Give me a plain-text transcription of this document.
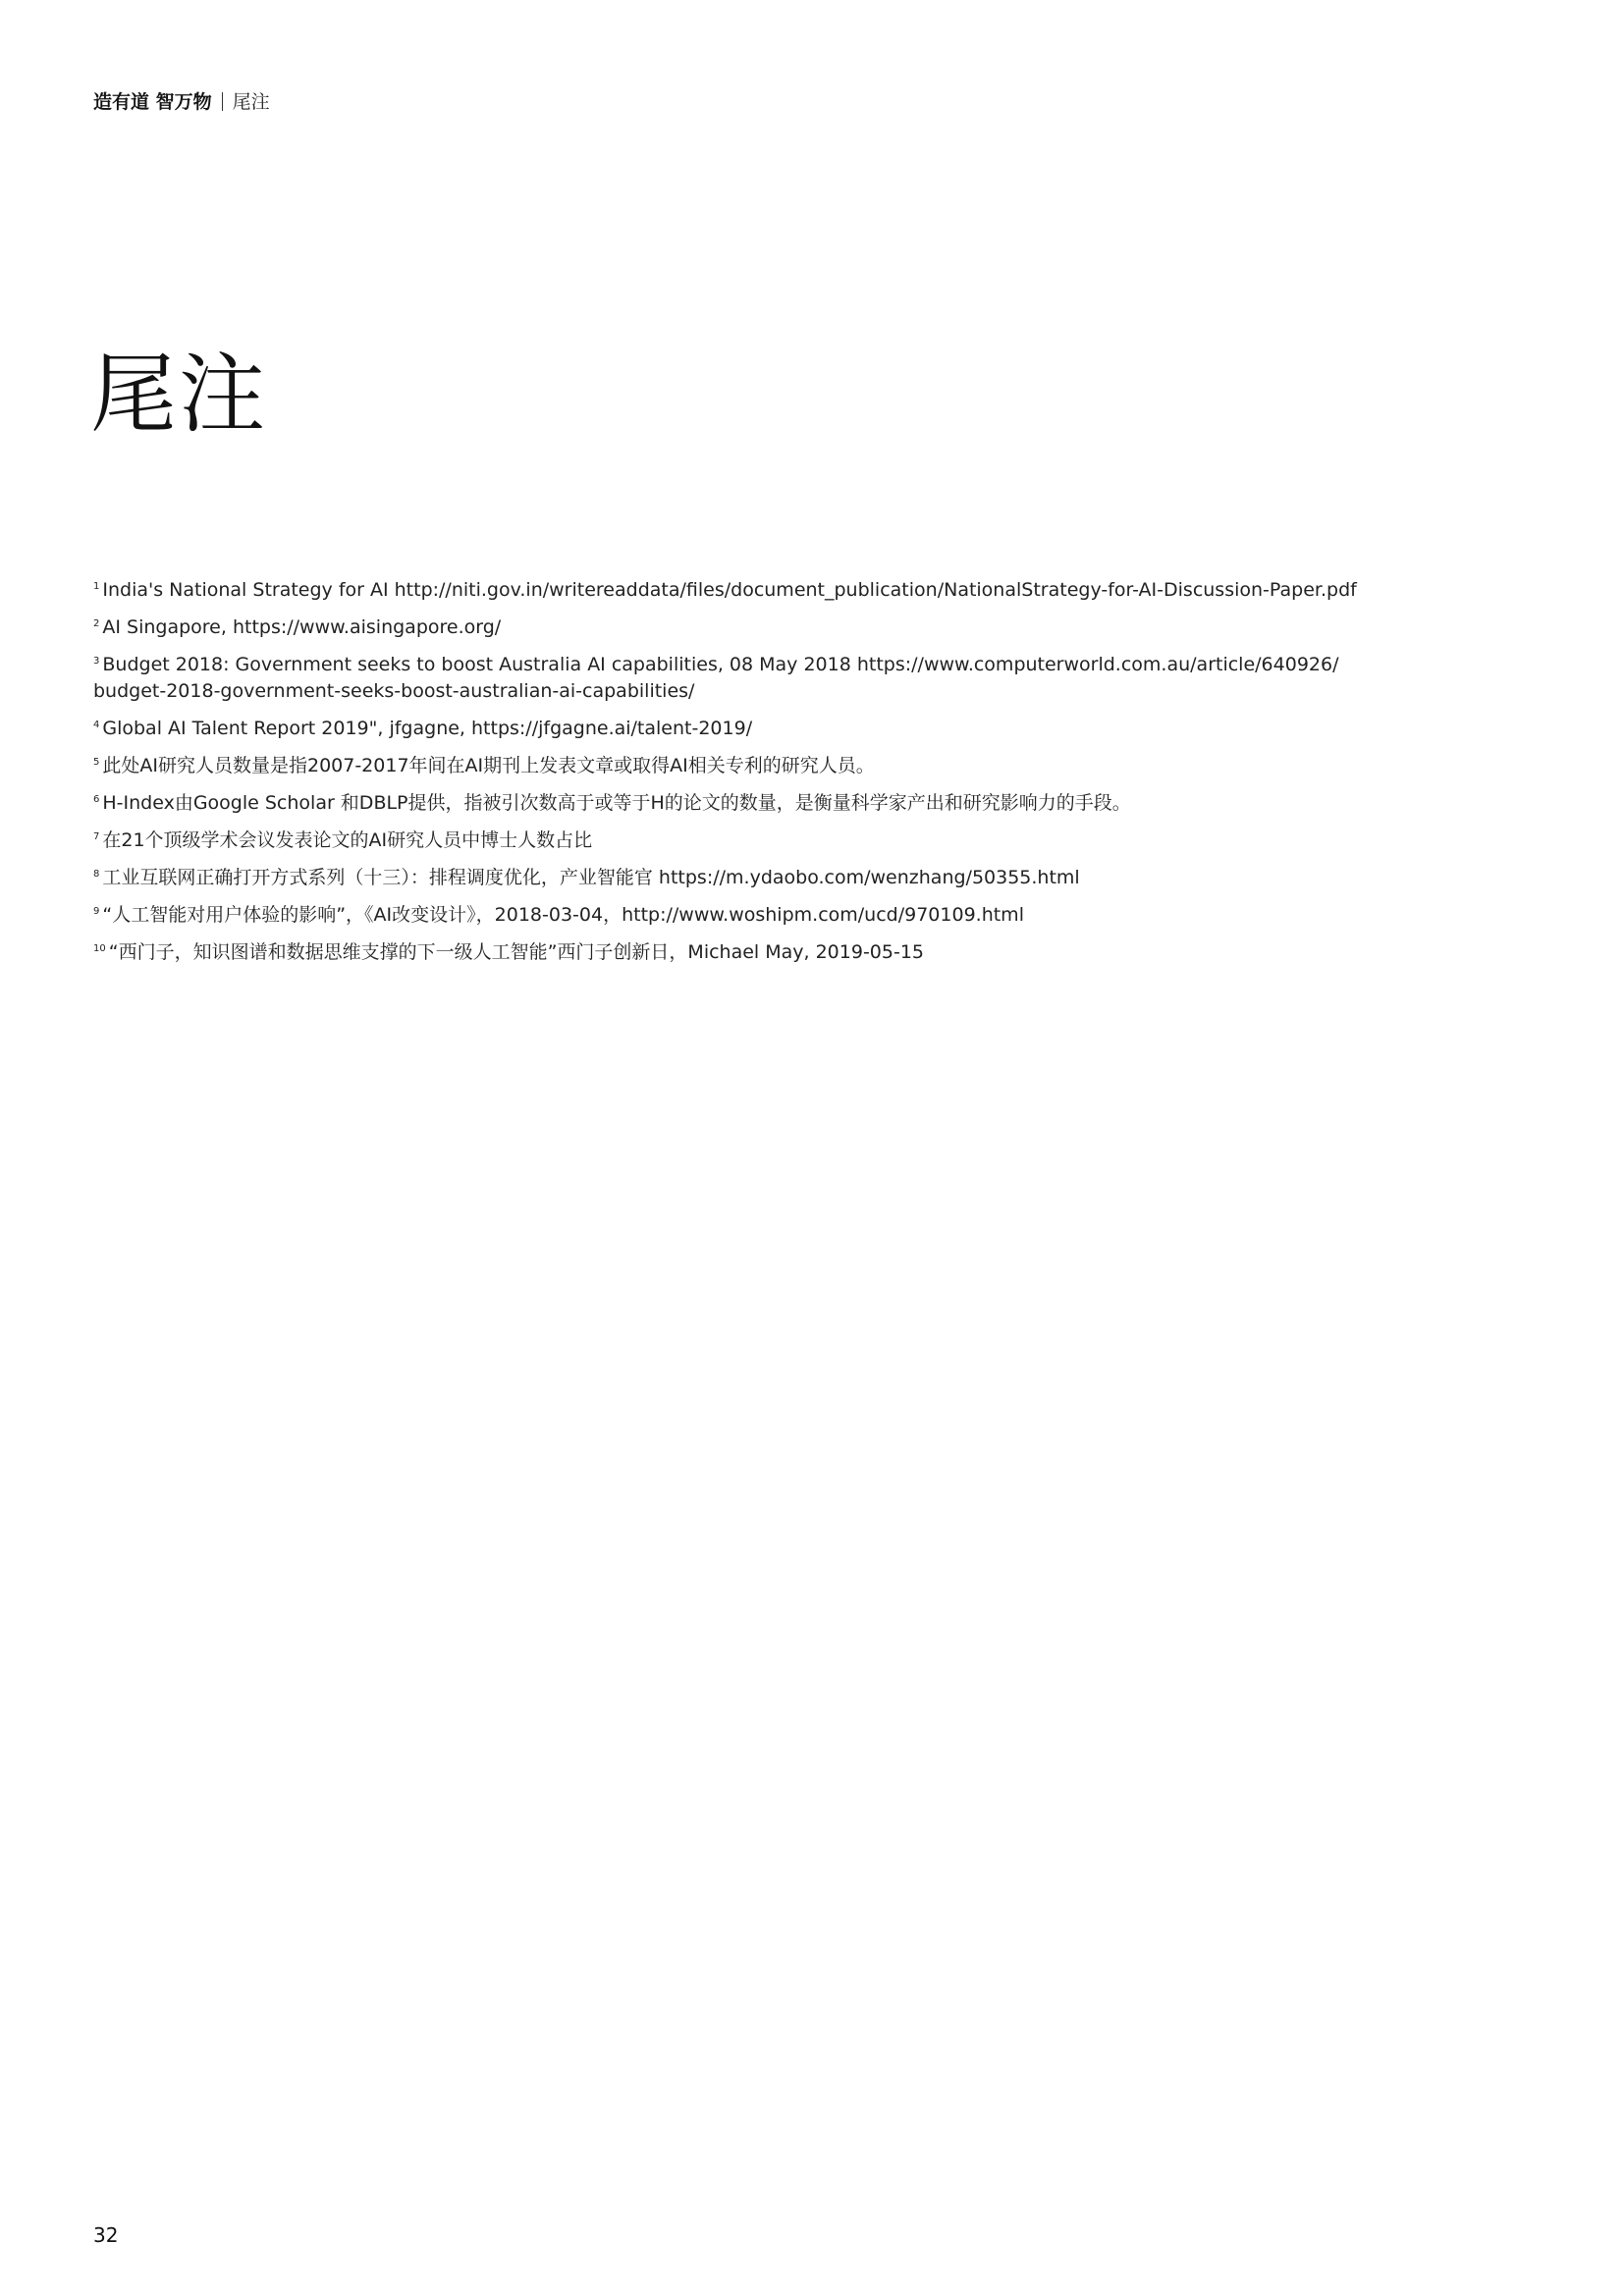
造有道 智万物 尾注
尾注
$^1$ India's National Strategy for AI http://niti.gov.in/writereaddata/files/document_publication/NationalStrategy-for-AI-Discussion-Paper.pdf
$^2$ AI Singapore, https://www.aisingapore.org/
$^3$ Budget 2018: Government seeks to boost Australia AI capabilities, 08 May 2018 https://www.computerworld.com.au/article/640926/
budget-2018-government-seeks-boost-australian-ai-capabilities/
$^4$ Global AI Talent Report 2019", jfgagne, https://jfgagne.ai/talent-2019/
$^5$ 此处AI研究人员数量是指2007-2017年间在AI期刊上发表文章或取得AI相关专利的研究人员。
$^6$ H-Index由Google Scholar 和DBLP提供，指被引次数高于或等于H的论文的数量，是衡量科学家产出和研究影响力的手段。
$^7$ 在21个顶级学术会议发表论文的AI研究人员中博士人数占比
$^8$ 工业互联网正确打开方式系列（十三）：排程调度优化，产业智能官 https://m.ydaobo.com/wenzhang/50355.html
$^9$ “人工智能对用户体验的影响”，《AI改变设计》，2018-03-04，http://www.woshipm.com/ucd/970109.html
$^{10}$ “西门子，知识图谱和数据思维支撑的下一级人工智能”西门子创新日，Michael May, 2019-05-15
32
